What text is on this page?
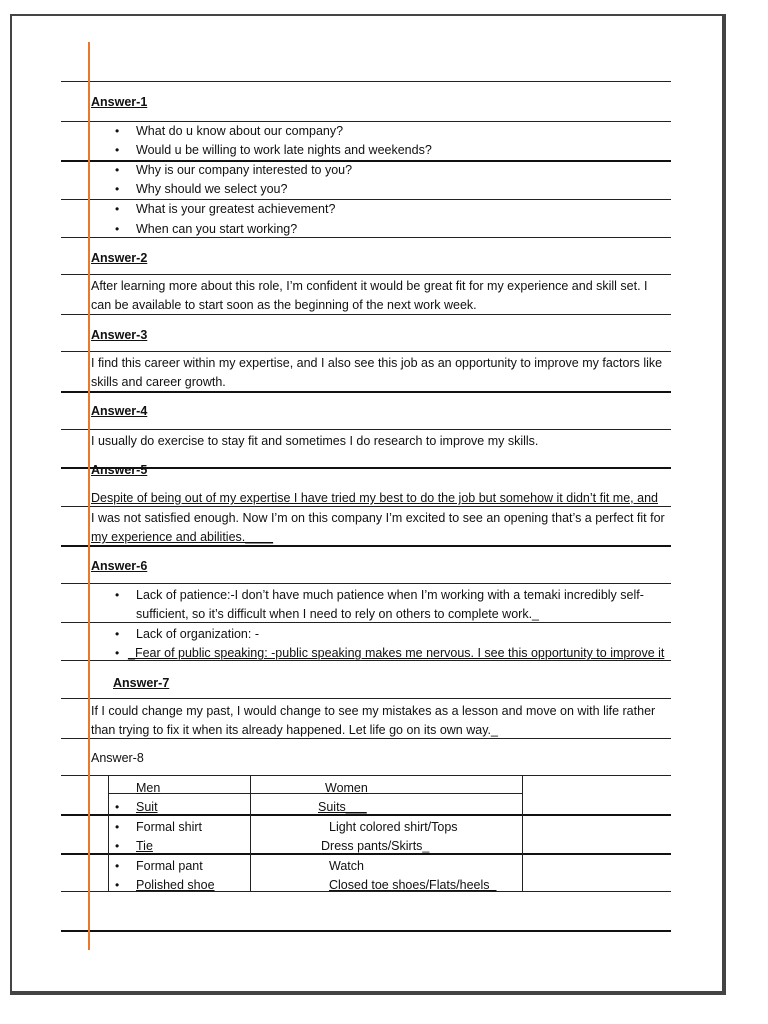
Answer-1
• What do u know about our company?
• Would u be willing to work late nights and weekends?
• Why is our company interested to you?
• Why should we select you?
• What is your greatest achievement?
• When can you start working?
Answer-2
After learning more about this role, I’m confident it would be great fit for my experience and skill set. I
can be available to start soon as the beginning of the next work week.
Answer-3
I find this career within my expertise, and I also see this job as an opportunity to improve my factors like
skills and career growth.
Answer-4
I usually do exercise to stay fit and sometimes I do research to improve my skills.
Answer-5
Despite of being out of my expertise I have tried my best to do the job but somehow it didn’t fit me, and
I was not satisfied enough. Now I’m on this company I’m excited to see an opening that’s a perfect fit for
my experience and abilities.____
Answer-6
• Lack of patience:-I don’t have much patience when I’m working with a temaki incredibly self-
sufficient, so it’s difficult when I need to rely on others to complete work._
• Lack of organization: -
• _Fear of public speaking: -public speaking makes me nervous. I see this opportunity to improve it
Answer-7
If I could change my past, I would change to see my mistakes as a lesson and move on with life rather
than trying to fix it when its already happened. Let life go on its own way._
Answer-8
Men	Women
• Suit	Suits___
• Formal shirt	Light colored shirt/Tops
• Tie	Dress pants/Skirts_
• Formal pant	Watch
• Polished shoe	Closed toe shoes/Flats/heels_
